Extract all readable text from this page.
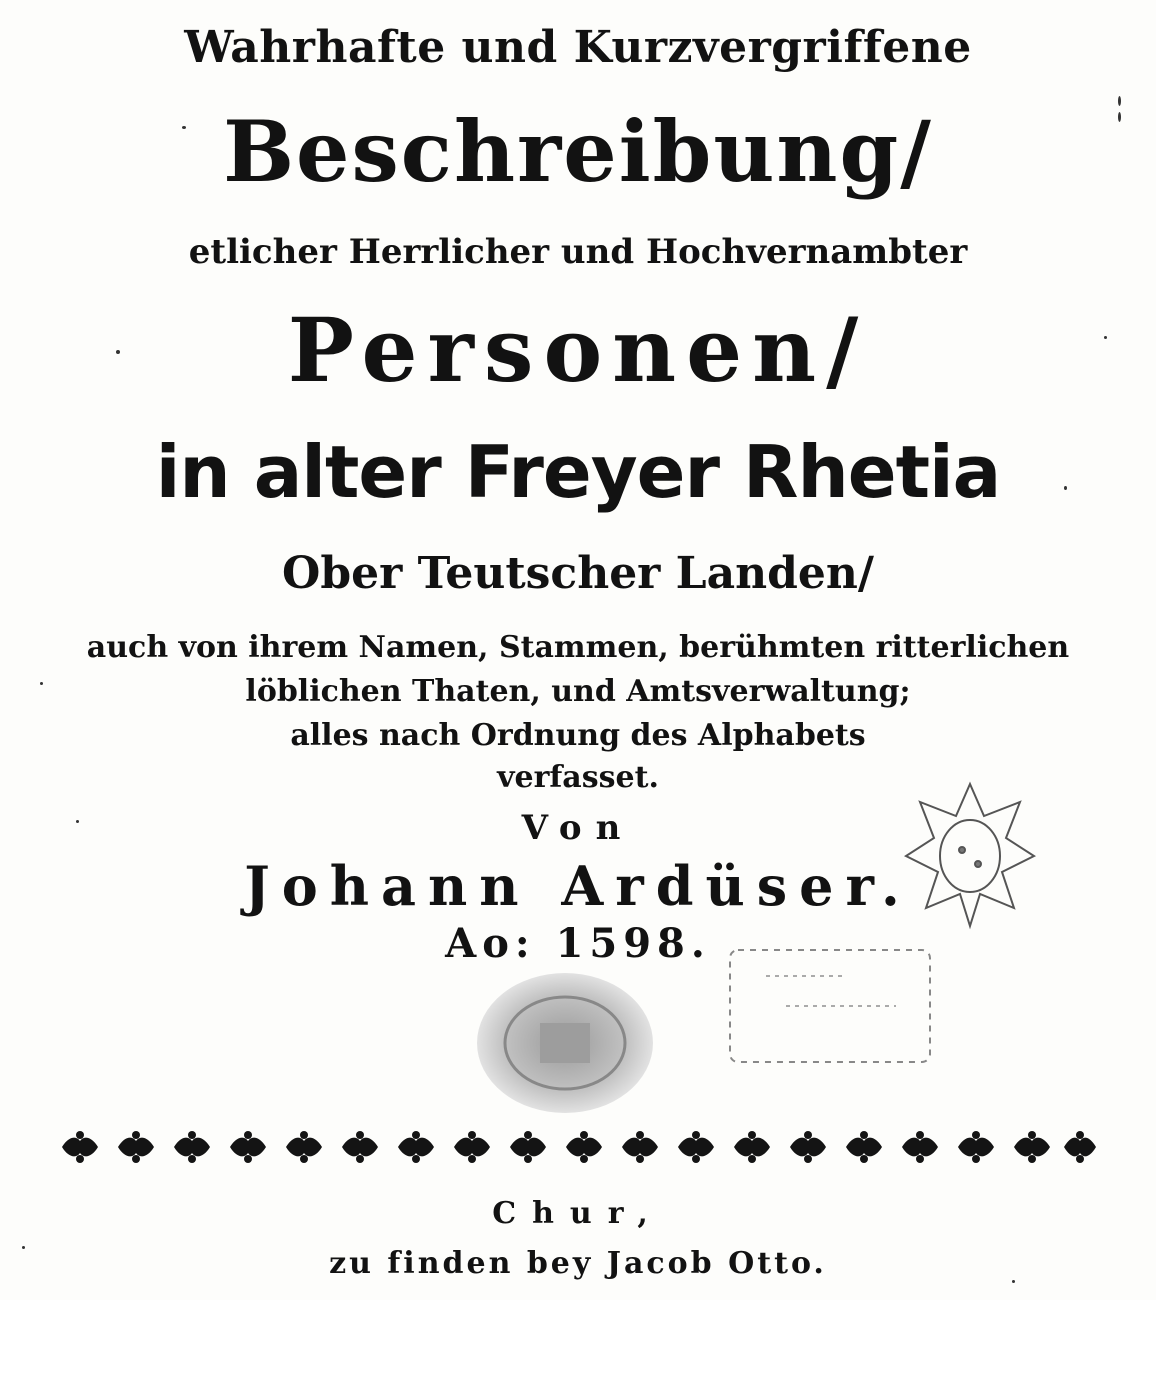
Wahrhafte und Kurzvergriffene
Beschreibung/
etlicher Herrlicher und Hochvernambter
Personen/
in alter Freyer Rhetia
Ober Teutscher Landen/
auch von ihrem Namen, Stammen, berühmten ritterlichen
löblichen Thaten, und Amtsverwaltung;
alles nach Ordnung des Alphabets
verfasset.
Von
Johann Ardüser.
Ao: 1598.
Chur,
zu finden bey Jacob Otto.
